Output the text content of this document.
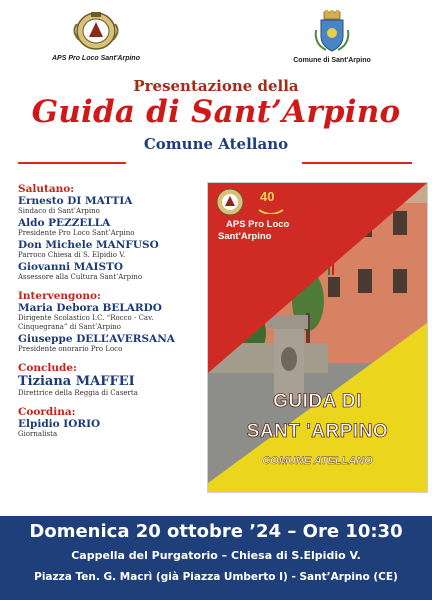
APS Pro Loco Sant'Arpino	Comune di Sant'Arpino
Presentazione della
Guida di Sant’Arpino
Comune Atellano
Salutano:
Ernesto DI MATTIA
Sindaco di Sant’Arpino
Aldo PEZZELLA
Presidente Pro Loco Sant’Arpino
Don Michele MANFUSO
Parroco Chiesa di S. Elpidio V.
Giovanni MAISTO
Assessore alla Cultura Sant’Arpino
Intervengono:
Maria Debora BELARDO
Dirigente Scolastico I.C. “Rocco - Cav.
Cinquegrana” di Sant’Arpino
Giuseppe DELL’AVERSANA
Presidente onorario Pro Loco
Conclude:
Tiziana MAFFEI
Direttrice della Reggia di Caserta
Coordina:
Elpidio IORIO
Giornalista
40
APS Pro Loco
Sant'Arpino
GUIDA DI
SANT 'ARPINO
COMUNE ATELLANO
Domenica 20 ottobre ’24 – Ore 10:30
Cappella del Purgatorio – Chiesa di S.Elpidio V.
Piazza Ten. G. Macrì (già Piazza Umberto I) - Sant’Arpino (CE)
